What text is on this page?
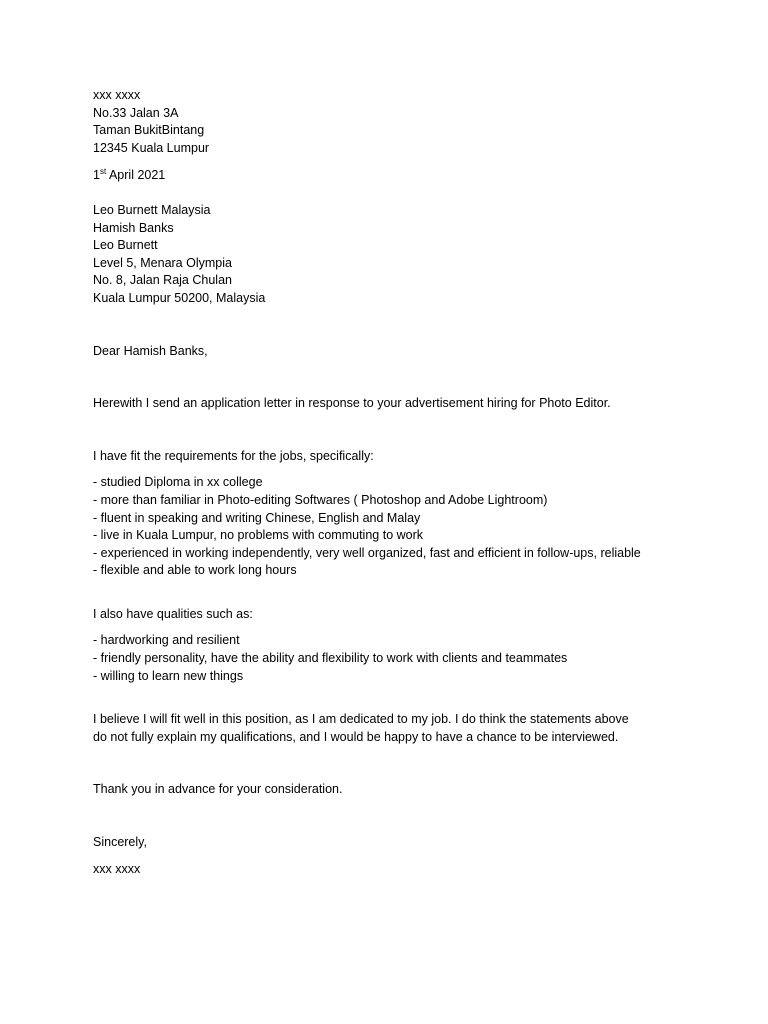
xxx xxxx
No.33 Jalan 3A
Taman BukitBintang
12345 Kuala Lumpur
1st April 2021
Leo Burnett Malaysia
Hamish Banks
Leo Burnett
Level 5, Menara Olympia
No. 8, Jalan Raja Chulan
Kuala Lumpur 50200, Malaysia
Dear Hamish Banks,
Herewith I send an application letter in response to your advertisement hiring for Photo Editor.
I have fit the requirements for the jobs, specifically:
- studied Diploma in xx college
- more than familiar in Photo-editing Softwares ( Photoshop and Adobe Lightroom)
- fluent in speaking and writing Chinese, English and Malay
- live in Kuala Lumpur, no problems with commuting to work
- experienced in working independently, very well organized, fast and efficient in follow-ups, reliable
- flexible and able to work long hours
I also have qualities such as:
- hardworking and resilient
- friendly personality, have the ability and flexibility to work with clients and teammates
- willing to learn new things
I believe I will fit well in this position, as I am dedicated to my job. I do think the statements above
do not fully explain my qualifications, and I would be happy to have a chance to be interviewed.
Thank you in advance for your consideration.
Sincerely,
xxx xxxx
